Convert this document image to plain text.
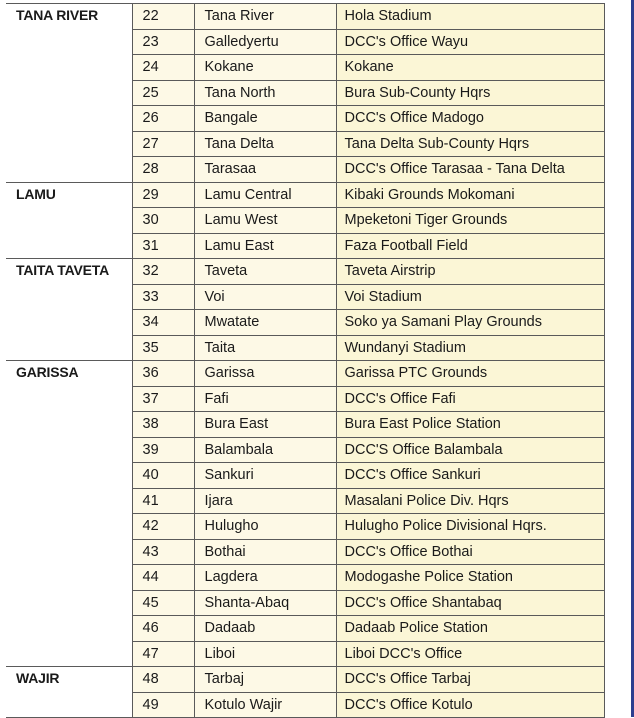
TANA RIVER	22	Tana River	Hola Stadium
	23	Galledyertu	DCC's Office Wayu
	24	Kokane	Kokane
	25	Tana North	Bura Sub-County Hqrs
	26	Bangale	DCC's Office Madogo
	27	Tana Delta	Tana Delta Sub-County Hqrs
	28	Tarasaa	DCC's Office Tarasaa - Tana Delta
LAMU	29	Lamu Central	Kibaki Grounds Mokomani
	30	Lamu West	Mpeketoni Tiger Grounds
	31	Lamu East	Faza Football Field
TAITA TAVETA	32	Taveta	Taveta Airstrip
	33	Voi	Voi Stadium
	34	Mwatate	Soko ya Samani Play Grounds
	35	Taita	Wundanyi Stadium
GARISSA	36	Garissa	Garissa PTC Grounds
	37	Fafi	DCC's Office Fafi
	38	Bura East	Bura East Police Station
	39	Balambala	DCC'S Office Balambala
	40	Sankuri	DCC's Office Sankuri
	41	Ijara	Masalani Police Div. Hqrs
	42	Hulugho	Hulugho Police Divisional Hqrs.
	43	Bothai	DCC's Office Bothai
	44	Lagdera	Modogashe Police Station
	45	Shanta-Abaq	DCC's Office Shantabaq
	46	Dadaab	Dadaab Police Station
	47	Liboi	Liboi DCC's Office
WAJIR	48	Tarbaj	DCC's Office Tarbaj
	49	Kotulo Wajir	DCC's Office Kotulo
